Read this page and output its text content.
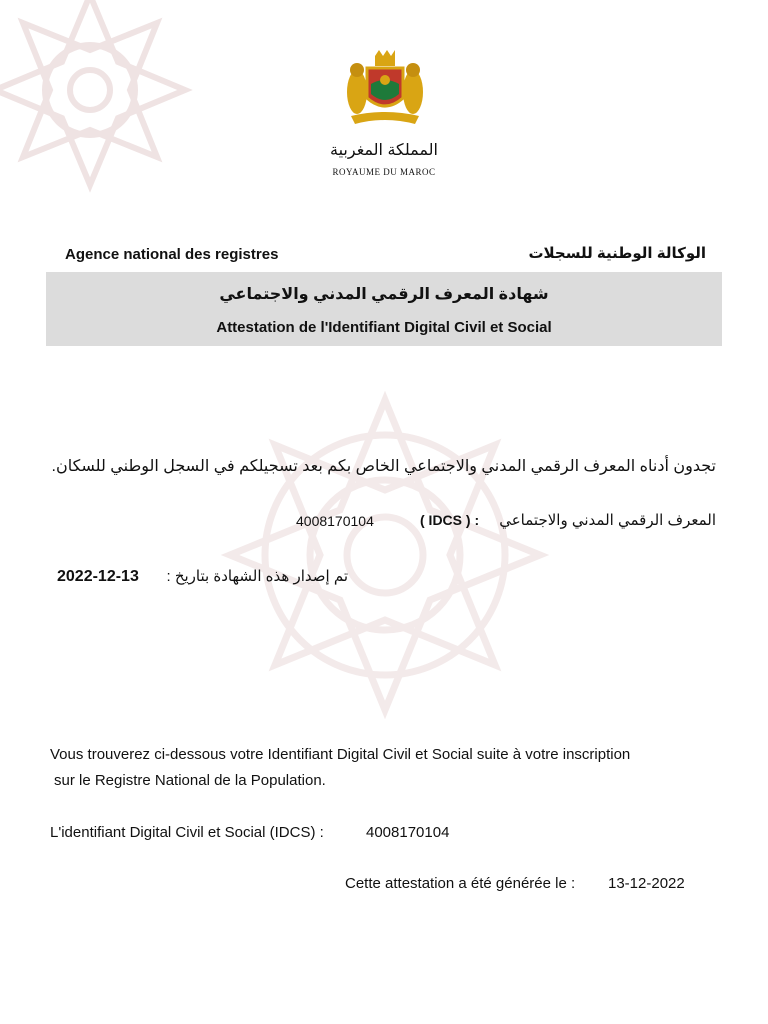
المملكة المغربية
ROYAUME DU MAROC
Agence national des registres	الوكالة الوطنية للسجلات
شهادة المعرف الرقمي المدني والاجتماعي
Attestation de l'Identifiant Digital Civil et Social
تجدون أدناه المعرف الرقمي المدني والاجتماعي الخاص بكم بعد تسجيلكم في السجل الوطني للسكان.
المعرف الرقمي المدني والاجتماعي
( IDCS ) :
4008170104
تم إصدار هذه الشهادة بتاريخ :
2022-12-13
Vous trouverez ci-dessous votre Identifiant Digital Civil et Social suite à votre inscription
sur le Registre National de la Population.
L'identifiant Digital Civil et Social (IDCS) :	4008170104
Cette attestation a été générée le : 13-12-2022
